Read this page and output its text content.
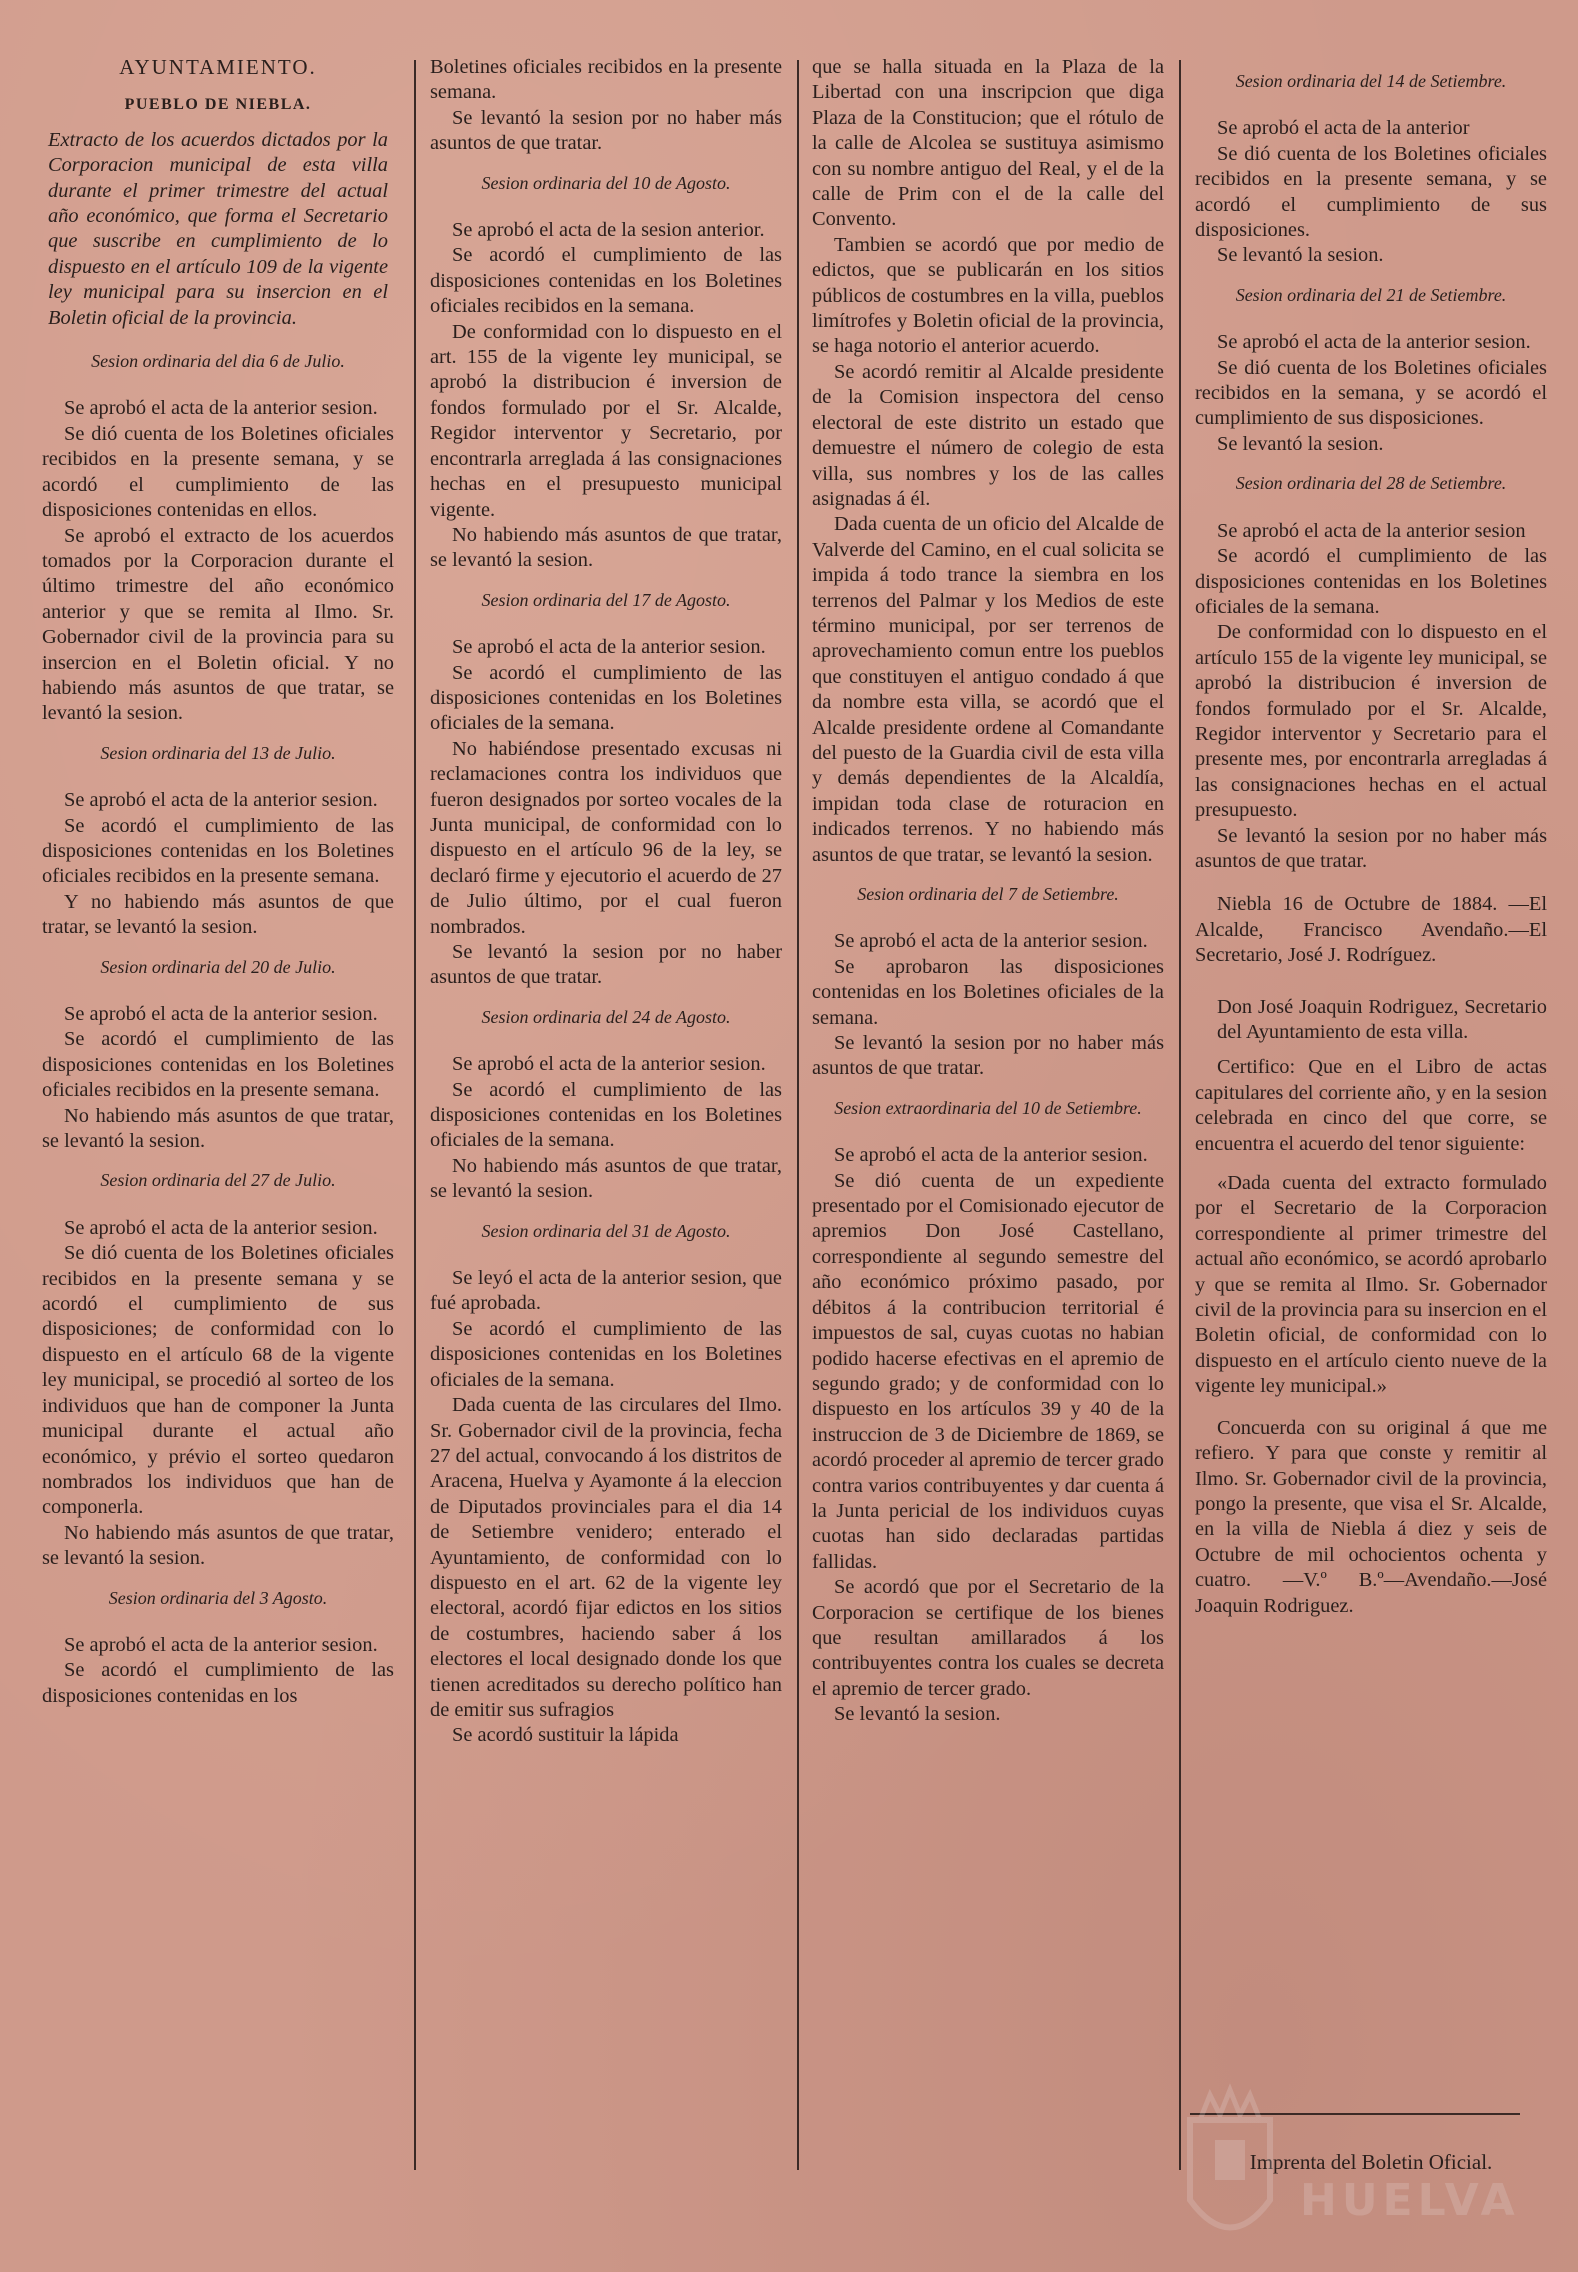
AYUNTAMIENTO.

PUEBLO DE NIEBLA.

Extracto de los acuerdos dictados por la Corporacion municipal de esta villa durante el primer trimestre del actual año económico, que forma el Secretario que suscribe en cumplimiento de lo dispuesto en el artículo 109 de la vigente ley municipal para su insercion en el Boletin oficial de la provincia.

Sesion ordinaria del dia 6 de Julio.

Se aprobó el acta de la anterior sesion.

Se dió cuenta de los Boletines oficiales recibidos en la presente semana, y se acordó el cumplimiento de las disposiciones contenidas en ellos.

Se aprobó el extracto de los acuerdos tomados por la Corporacion durante el último trimestre del año económico anterior y que se remita al Ilmo. Sr. Gobernador civil de la provincia para su insercion en el Boletin oficial. Y no habiendo más asuntos de que tratar, se levantó la sesion.

Sesion ordinaria del 13 de Julio.

Se aprobó el acta de la anterior sesion.

Se acordó el cumplimiento de las disposiciones contenidas en los Boletines oficiales recibidos en la presente semana.

Y no habiendo más asuntos de que tratar, se levantó la sesion.

Sesion ordinaria del 20 de Julio.

Se aprobó el acta de la anterior sesion.

Se acordó el cumplimiento de las disposiciones contenidas en los Boletines oficiales recibidos en la presente semana.

No habiendo más asuntos de que tratar, se levantó la sesion.

Sesion ordinaria del 27 de Julio.

Se aprobó el acta de la anterior sesion.

Se dió cuenta de los Boletines oficiales recibidos en la presente semana y se acordó el cumplimiento de sus disposiciones; de conformidad con lo dispuesto en el artículo 68 de la vigente ley municipal, se procedió al sorteo de los individuos que han de componer la Junta municipal durante el actual año económico, y prévio el sorteo quedaron nombrados los individuos que han de componerla.

No habiendo más asuntos de que tratar, se levantó la sesion.

Sesion ordinaria del 3 Agosto.

Se aprobó el acta de la anterior sesion.

Se acordó el cumplimiento de las disposiciones contenidas en los

Boletines oficiales recibidos en la presente semana.

Se levantó la sesion por no haber más asuntos de que tratar.

Sesion ordinaria del 10 de Agosto.

Se aprobó el acta de la sesion anterior.

Se acordó el cumplimiento de las disposiciones contenidas en los Boletines oficiales recibidos en la semana.

De conformidad con lo dispuesto en el art. 155 de la vigente ley municipal, se aprobó la distribucion é inversion de fondos formulado por el Sr. Alcalde, Regidor interventor y Secretario, por encontrarla arreglada á las consignaciones hechas en el presupuesto municipal vigente.

No habiendo más asuntos de que tratar, se levantó la sesion.

Sesion ordinaria del 17 de Agosto.

Se aprobó el acta de la anterior sesion.

Se acordó el cumplimiento de las disposiciones contenidas en los Boletines oficiales de la semana.

No habiéndose presentado excusas ni reclamaciones contra los individuos que fueron designados por sorteo vocales de la Junta municipal, de conformidad con lo dispuesto en el artículo 96 de la ley, se declaró firme y ejecutorio el acuerdo de 27 de Julio último, por el cual fueron nombrados.

Se levantó la sesion por no haber asuntos de que tratar.

Sesion ordinaria del 24 de Agosto.

Se aprobó el acta de la anterior sesion.

Se acordó el cumplimiento de las disposiciones contenidas en los Boletines oficiales de la semana.

No habiendo más asuntos de que tratar, se levantó la sesion.

Sesion ordinaria del 31 de Agosto.

Se leyó el acta de la anterior sesion, que fué aprobada.

Se acordó el cumplimiento de las disposiciones contenidas en los Boletines oficiales de la semana.

Dada cuenta de las circulares del Ilmo. Sr. Gobernador civil de la provincia, fecha 27 del actual, convocando á los distritos de Aracena, Huelva y Ayamonte á la eleccion de Diputados provinciales para el dia 14 de Setiembre venidero; enterado el Ayuntamiento, de conformidad con lo dispuesto en el art. 62 de la vigente ley electoral, acordó fijar edictos en los sitios de costumbres, haciendo saber á los electores el local designado donde los que tienen acreditados su derecho político han de emitir sus sufragios

Se acordó sustituir la lápida

que se halla situada en la Plaza de la Libertad con una inscripcion que diga Plaza de la Constitucion; que el rótulo de la calle de Alcolea se sustituya asimismo con su nombre antiguo del Real, y el de la calle de Prim con el de la calle del Convento.

Tambien se acordó que por medio de edictos, que se publicarán en los sitios públicos de costumbres en la villa, pueblos limítrofes y Boletin oficial de la provincia, se haga notorio el anterior acuerdo.

Se acordó remitir al Alcalde presidente de la Comision inspectora del censo electoral de este distrito un estado que demuestre el número de colegio de esta villa, sus nombres y los de las calles asignadas á él.

Dada cuenta de un oficio del Alcalde de Valverde del Camino, en el cual solicita se impida á todo trance la siembra en los terrenos del Palmar y los Medios de este término municipal, por ser terrenos de aprovechamiento comun entre los pueblos que constituyen el antiguo condado á que da nombre esta villa, se acordó que el Alcalde presidente ordene al Comandante del puesto de la Guardia civil de esta villa y demás dependientes de la Alcaldía, impidan toda clase de roturacion en indicados terrenos. Y no habiendo más asuntos de que tratar, se levantó la sesion.

Sesion ordinaria del 7 de Setiembre.

Se aprobó el acta de la anterior sesion.

Se aprobaron las disposiciones contenidas en los Boletines oficiales de la semana.

Se levantó la sesion por no haber más asuntos de que tratar.

Sesion extraordinaria del 10 de Setiembre.

Se aprobó el acta de la anterior sesion.

Se dió cuenta de un expediente presentado por el Comisionado ejecutor de apremios Don José Castellano, correspondiente al segundo semestre del año económico próximo pasado, por débitos á la contribucion territorial é impuestos de sal, cuyas cuotas no habian podido hacerse efectivas en el apremio de segundo grado; y de conformidad con lo dispuesto en los artículos 39 y 40 de la instruccion de 3 de Diciembre de 1869, se acordó proceder al apremio de tercer grado contra varios contribuyentes y dar cuenta á la Junta pericial de los individuos cuyas cuotas han sido declaradas partidas fallidas.

Se acordó que por el Secretario de la Corporacion se certifique de los bienes que resultan amillarados á los contribuyentes contra los cuales se decreta el apremio de tercer grado.

Se levantó la sesion.

Sesion ordinaria del 14 de Setiembre.

Se aprobó el acta de la anterior

Se dió cuenta de los Boletines oficiales recibidos en la presente semana, y se acordó el cumplimiento de sus disposiciones.

Se levantó la sesion.

Sesion ordinaria del 21 de Setiembre.

Se aprobó el acta de la anterior sesion.

Se dió cuenta de los Boletines oficiales recibidos en la semana, y se acordó el cumplimiento de sus disposiciones.

Se levantó la sesion.

Sesion ordinaria del 28 de Setiembre.

Se aprobó el acta de la anterior sesion

Se acordó el cumplimiento de las disposiciones contenidas en los Boletines oficiales de la semana.

De conformidad con lo dispuesto en el artículo 155 de la vigente ley municipal, se aprobó la distribucion é inversion de fondos formulado por el Sr. Alcalde, Regidor interventor y Secretario para el presente mes, por encontrarla arregladas á las consignaciones hechas en el actual presupuesto.

Se levantó la sesion por no haber más asuntos de que tratar.

Niebla 16 de Octubre de 1884. —El Alcalde, Francisco Avendaño.—El Secretario, José J. Rodríguez.

Don José Joaquin Rodriguez, Secretario del Ayuntamiento de esta villa.

Certifico: Que en el Libro de actas capitulares del corriente año, y en la sesion celebrada en cinco del que corre, se encuentra el acuerdo del tenor siguiente:

«Dada cuenta del extracto formulado por el Secretario de la Corporacion correspondiente al primer trimestre del actual año económico, se acordó aprobarlo y que se remita al Ilmo. Sr. Gobernador civil de la provincia para su insercion en el Boletin oficial, de conformidad con lo dispuesto en el artículo ciento nueve de la vigente ley municipal.»

Concuerda con su original á que me refiero. Y para que conste y remitir al Ilmo. Sr. Gobernador civil de la provincia, pongo la presente, que visa el Sr. Alcalde, en la villa de Niebla á diez y seis de Octubre de mil ochocientos ochenta y cuatro. —V.º B.º—Avendaño.—José Joaquin Rodriguez.

Imprenta del Boletin Oficial.

HUELVA
